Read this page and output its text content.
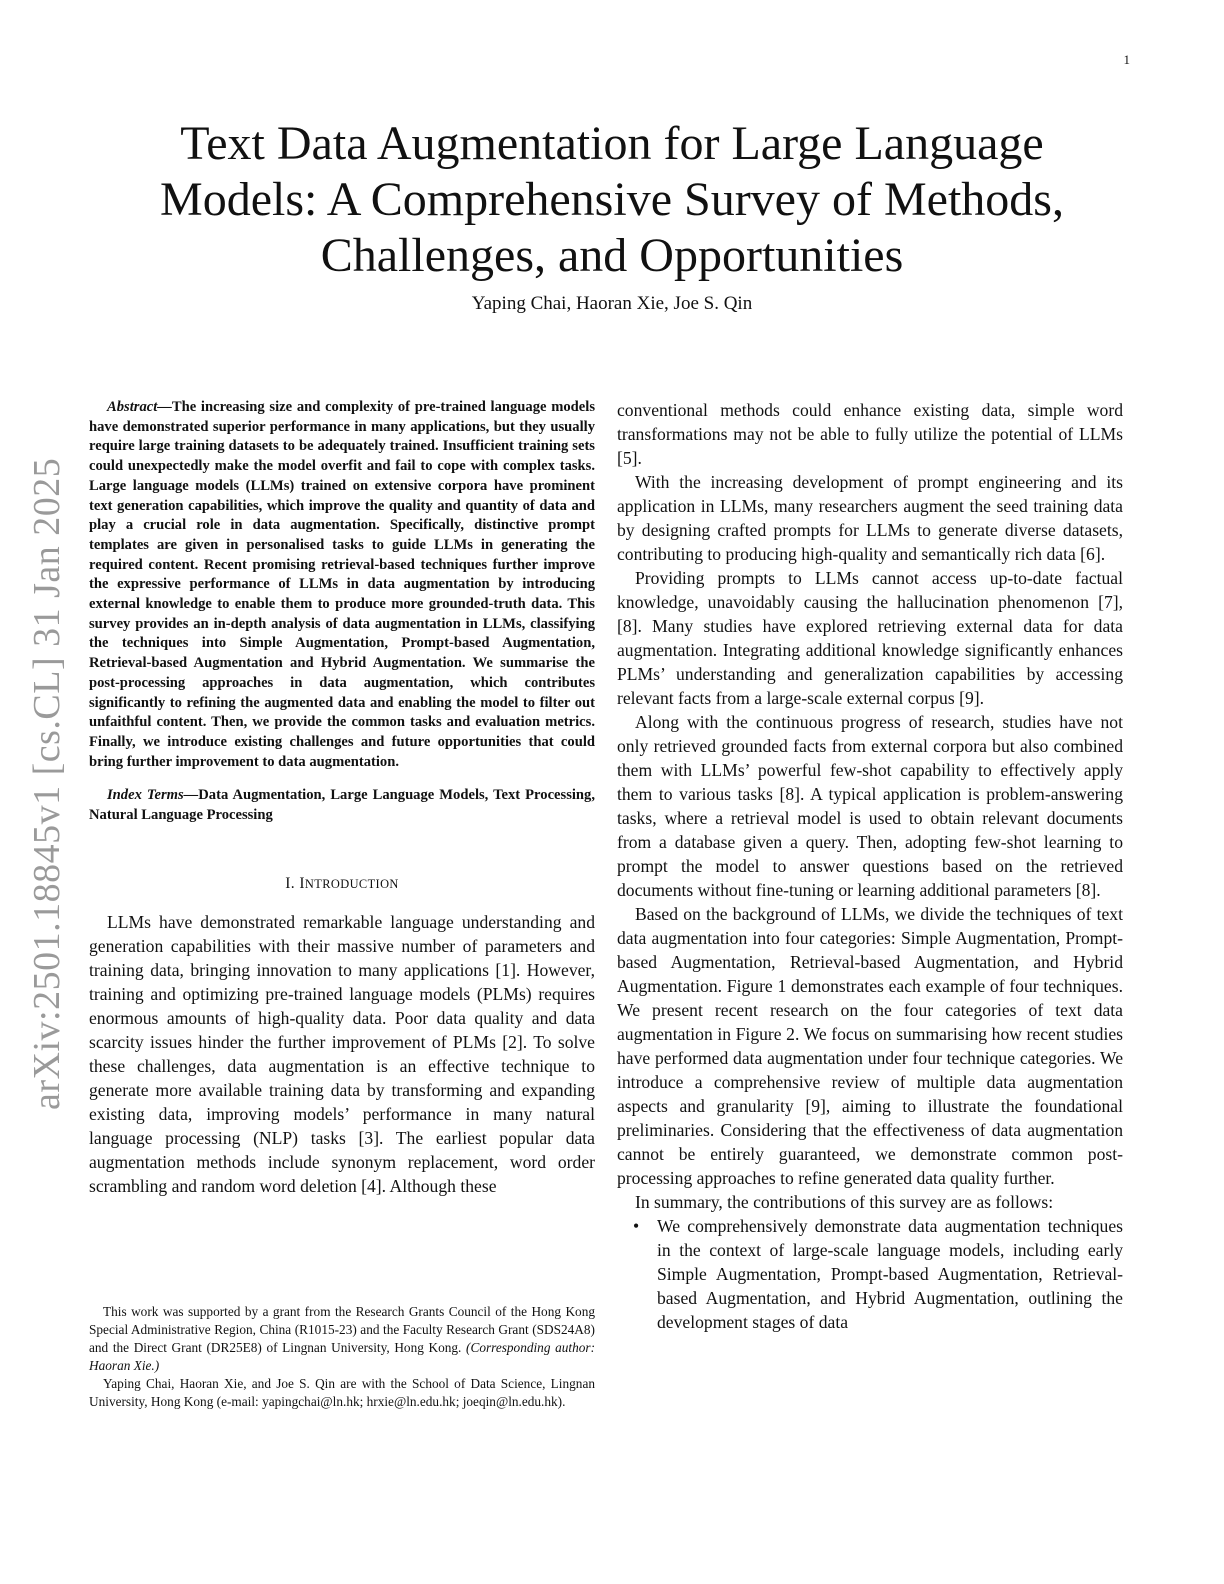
1
arXiv:2501.18845v1 [cs.CL] 31 Jan 2025
Text Data Augmentation for Large Language
Models: A Comprehensive Survey of Methods,
Challenges, and Opportunities

Yaping Chai, Haoran Xie, Joe S. Qin

Abstract—The increasing size and complexity of pre-trained language models have demonstrated superior performance in many applications, but they usually require large training datasets to be adequately trained. Insufficient training sets could unexpectedly make the model overfit and fail to cope with complex tasks. Large language models (LLMs) trained on extensive corpora have prominent text generation capabilities, which improve the quality and quantity of data and play a crucial role in data augmentation. Specifically, distinctive prompt templates are given in personalised tasks to guide LLMs in generating the required content. Recent promising retrieval-based techniques further improve the expressive performance of LLMs in data augmentation by introducing external knowledge to enable them to produce more grounded-truth data. This survey provides an in-depth analysis of data augmentation in LLMs, classifying the techniques into Simple Augmentation, Prompt-based Augmentation, Retrieval-based Augmentation and Hybrid Augmentation. We summarise the post-processing approaches in data augmentation, which contributes significantly to refining the augmented data and enabling the model to filter out unfaithful content. Then, we provide the common tasks and evaluation metrics. Finally, we introduce existing challenges and future opportunities that could bring further improvement to data augmentation.

Index Terms—Data Augmentation, Large Language Models, Text Processing, Natural Language Processing

I. INTRODUCTION

LLMs have demonstrated remarkable language understanding and generation capabilities with their massive number of parameters and training data, bringing innovation to many applications [1]. However, training and optimizing pre-trained language models (PLMs) requires enormous amounts of high-quality data. Poor data quality and data scarcity issues hinder the further improvement of PLMs [2]. To solve these challenges, data augmentation is an effective technique to generate more available training data by transforming and expanding existing data, improving models’ performance in many natural language processing (NLP) tasks [3]. The earliest popular data augmentation methods include synonym replacement, word order scrambling and random word deletion [4]. Although these

This work was supported by a grant from the Research Grants Council of the Hong Kong Special Administrative Region, China (R1015-23) and the Faculty Research Grant (SDS24A8) and the Direct Grant (DR25E8) of Lingnan University, Hong Kong. (Corresponding author: Haoran Xie.)

Yaping Chai, Haoran Xie, and Joe S. Qin are with the School of Data Science, Lingnan University, Hong Kong (e-mail: yapingchai@ln.hk; hrxie@ln.edu.hk; joeqin@ln.edu.hk).

conventional methods could enhance existing data, simple word transformations may not be able to fully utilize the potential of LLMs [5].

With the increasing development of prompt engineering and its application in LLMs, many researchers augment the seed training data by designing crafted prompts for LLMs to generate diverse datasets, contributing to producing high-quality and semantically rich data [6].

Providing prompts to LLMs cannot access up-to-date factual knowledge, unavoidably causing the hallucination phenomenon [7], [8]. Many studies have explored retrieving external data for data augmentation. Integrating additional knowledge significantly enhances PLMs’ understanding and generalization capabilities by accessing relevant facts from a large-scale external corpus [9].

Along with the continuous progress of research, studies have not only retrieved grounded facts from external corpora but also combined them with LLMs’ powerful few-shot capability to effectively apply them to various tasks [8]. A typical application is problem-answering tasks, where a retrieval model is used to obtain relevant documents from a database given a query. Then, adopting few-shot learning to prompt the model to answer questions based on the retrieved documents without fine-tuning or learning additional parameters [8].

Based on the background of LLMs, we divide the techniques of text data augmentation into four categories: Simple Augmentation, Prompt-based Augmentation, Retrieval-based Augmentation, and Hybrid Augmentation. Figure 1 demonstrates each example of four techniques. We present recent research on the four categories of text data augmentation in Figure 2. We focus on summarising how recent studies have performed data augmentation under four technique categories. We introduce a comprehensive review of multiple data augmentation aspects and granularity [9], aiming to illustrate the foundational preliminaries. Considering that the effectiveness of data augmentation cannot be entirely guaranteed, we demonstrate common post-processing approaches to refine generated data quality further.

In summary, the contributions of this survey are as follows:

• We comprehensively demonstrate data augmentation techniques in the context of large-scale language models, including early Simple Augmentation, Prompt-based Augmentation, Retrieval-based Augmentation, and Hybrid Augmentation, outlining the development stages of data
